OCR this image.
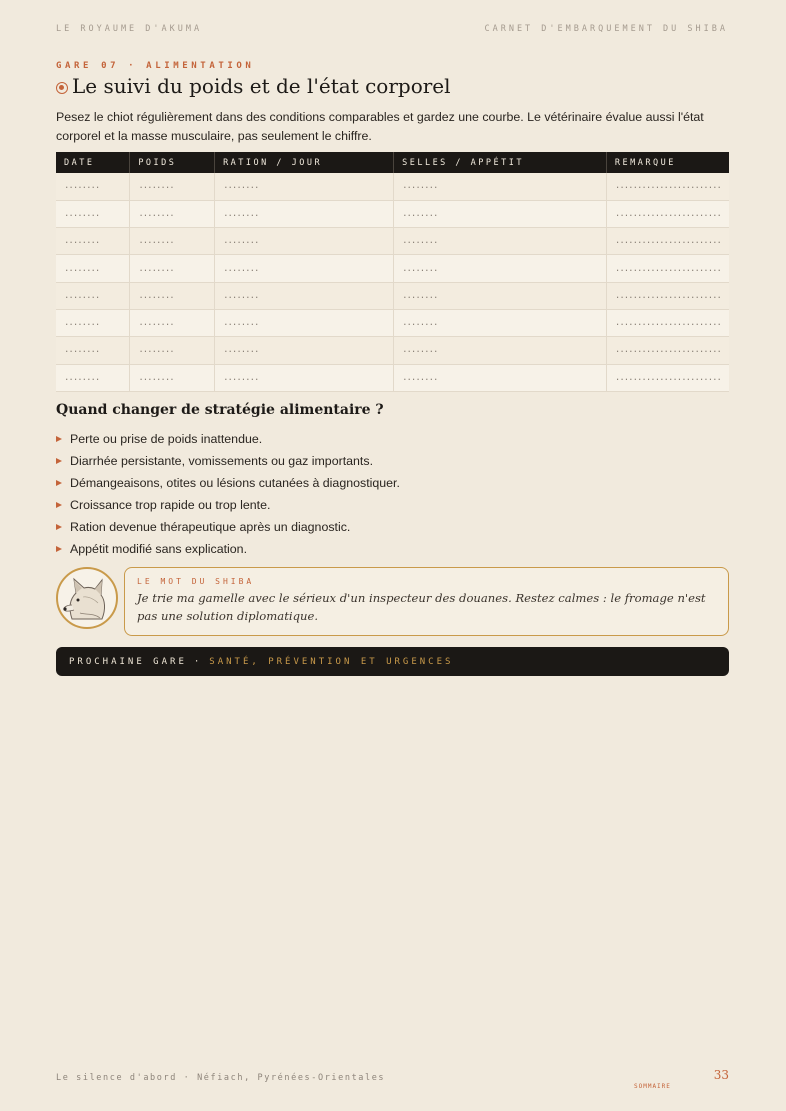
LE ROYAUME D'AKUMA	CARNET D'EMBARQUEMENT DU SHIBA
GARE 07 · ALIMENTATION
Le suivi du poids et de l'état corporel

Pesez le chiot régulièrement dans des conditions comparables et gardez une courbe. Le vétérinaire évalue aussi l'état corporel et la masse musculaire, pas seulement le chiffre.

DATE	POIDS	RATION / JOUR	SELLES / APPÉTIT	REMARQUE
........	........	........	........	........................
........	........	........	........	........................
........	........	........	........	........................
........	........	........	........	........................
........	........	........	........	........................
........	........	........	........	........................
........	........	........	........	........................
........	........	........	........	........................
Quand changer de stratégie alimentaire ?
Perte ou prise de poids inattendue.
Diarrhée persistante, vomissements ou gaz importants.
Démangeaisons, otites ou lésions cutanées à diagnostiquer.
Croissance trop rapide ou trop lente.
Ration devenue thérapeutique après un diagnostic.
Appétit modifié sans explication.
LE MOT DU SHIBA

Je trie ma gamelle avec le sérieux d'un inspecteur des douanes. Restez calmes : le fromage n'est pas une solution diplomatique.

PROCHAINE GARE · SANTÉ, PRÉVENTION ET URGENCES
Le silence d'abord · Néfiach, Pyrénées-Orientales	33
SOMMAIRE
